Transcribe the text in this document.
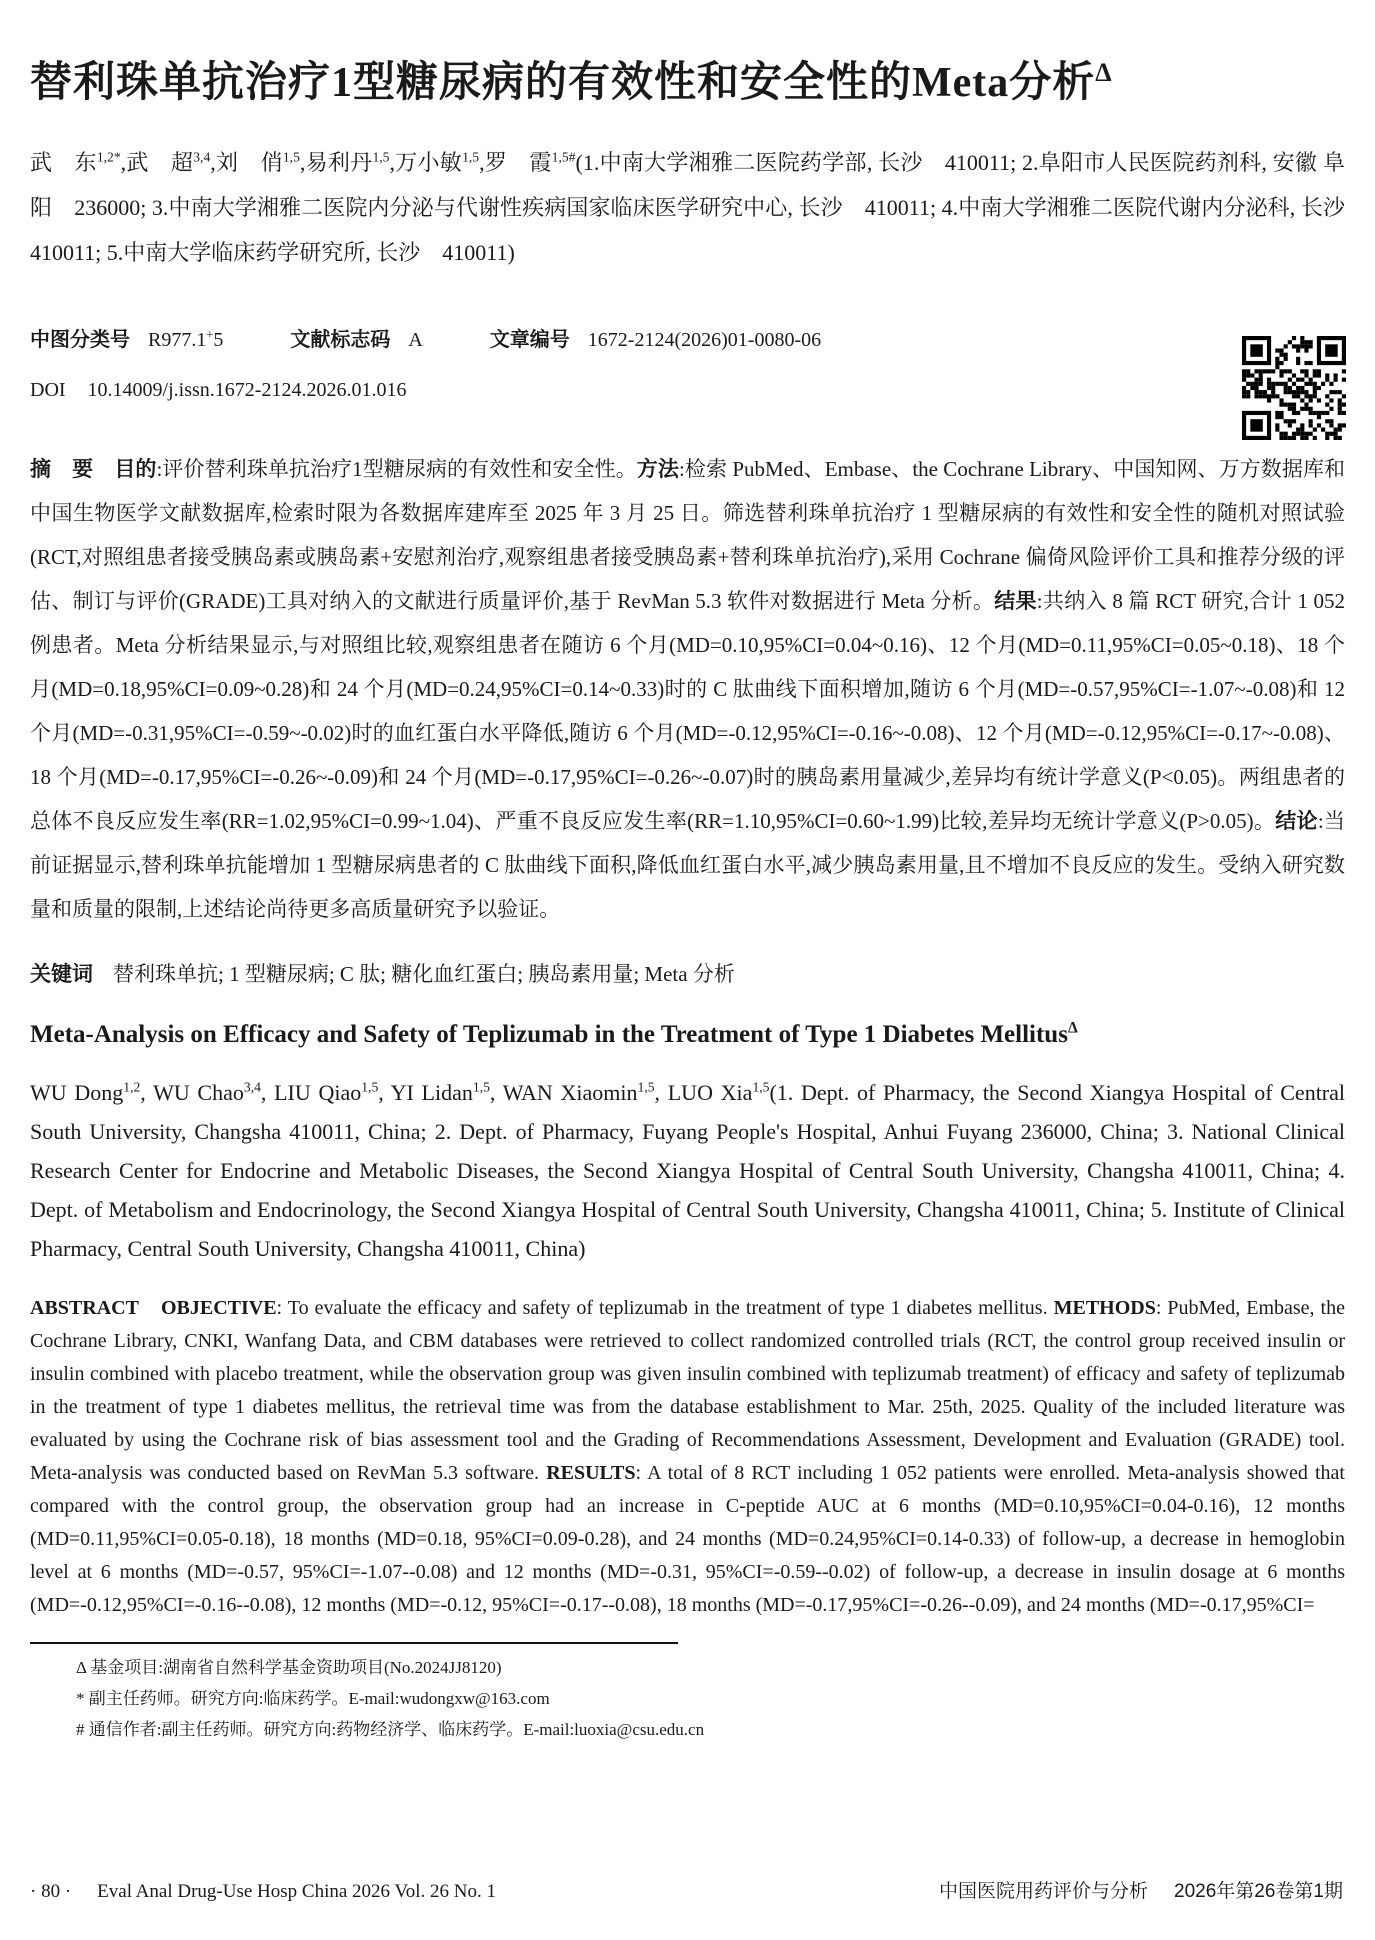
替利珠单抗治疗1型糖尿病的有效性和安全性的Meta分析$^\Delta$

武　东$^{1,2*}$,武　超$^{3,4}$,刘　俏$^{1,5}$,易利丹$^{1,5}$,万小敏$^{1,5}$,罗　霞$^{1,5\#}$(1.中南大学湘雅二医院药学部, 长沙　410011; 2.阜阳市人民医院药剂科, 安徽 阜阳　236000; 3.中南大学湘雅二医院内分泌与代谢性疾病国家临床医学研究中心, 长沙　410011; 4.中南大学湘雅二医院代谢内分泌科, 长沙　410011; 5.中南大学临床药学研究所, 长沙　410011)

中图分类号 R977.1+5	文献标志码 A	文章编号 1672-2124(2026)01-0080-06
DOI 10.14009/j.issn.1672-2124.2026.01.016

摘　要　 目的:评价替利珠单抗治疗1型糖尿病的有效性和安全性。方法:检索 PubMed、Embase、the Cochrane Library、中国知网、万方数据库和中国生物医学文献数据库,检索时限为各数据库建库至 2025 年 3 月 25 日。筛选替利珠单抗治疗 1 型糖尿病的有效性和安全性的随机对照试验(RCT,对照组患者接受胰岛素或胰岛素+安慰剂治疗,观察组患者接受胰岛素+替利珠单抗治疗),采用 Cochrane 偏倚风险评价工具和推荐分级的评估、制订与评价(GRADE)工具对纳入的文献进行质量评价,基于 RevMan 5.3 软件对数据进行 Meta 分析。结果:共纳入 8 篇 RCT 研究,合计 1 052 例患者。Meta 分析结果显示,与对照组比较,观察组患者在随访 6 个月(MD=0.10,95%CI=0.04~0.16)、12 个月(MD=0.11,95%CI=0.05~0.18)、18 个月(MD=0.18,95%CI=0.09~0.28)和 24 个月(MD=0.24,95%CI=0.14~0.33)时的 C 肽曲线下面积增加,随访 6 个月(MD=-0.57,95%CI=-1.07~-0.08)和 12 个月(MD=-0.31,95%CI=-0.59~-0.02)时的血红蛋白水平降低,随访 6 个月(MD=-0.12,95%CI=-0.16~-0.08)、12 个月(MD=-0.12,95%CI=-0.17~-0.08)、18 个月(MD=-0.17,95%CI=-0.26~-0.09)和 24 个月(MD=-0.17,95%CI=-0.26~-0.07)时的胰岛素用量减少,差异均有统计学意义(P<0.05)。两组患者的总体不良反应发生率(RR=1.02,95%CI=0.99~1.04)、严重不良反应发生率(RR=1.10,95%CI=0.60~1.99)比较,差异均无统计学意义(P>0.05)。结论:当前证据显示,替利珠单抗能增加 1 型糖尿病患者的 C 肽曲线下面积,降低血红蛋白水平,减少胰岛素用量,且不增加不良反应的发生。受纳入研究数量和质量的限制,上述结论尚待更多高质量研究予以验证。

关键词 替利珠单抗; 1 型糖尿病; C 肽; 糖化血红蛋白; 胰岛素用量; Meta 分析

Meta-Analysis on Efficacy and Safety of Teplizumab in the Treatment of Type 1 Diabetes Mellitus$^\Delta$

WU Dong$^{1,2}$, WU Chao$^{3,4}$, LIU Qiao$^{1,5}$, YI Lidan$^{1,5}$, WAN Xiaomin$^{1,5}$, LUO Xia$^{1,5}$(1. Dept. of Pharmacy, the Second Xiangya Hospital of Central South University, Changsha 410011, China; 2. Dept. of Pharmacy, Fuyang People's Hospital, Anhui Fuyang 236000, China; 3. National Clinical Research Center for Endocrine and Metabolic Diseases, the Second Xiangya Hospital of Central South University, Changsha 410011, China; 4. Dept. of Metabolism and Endocrinology, the Second Xiangya Hospital of Central South University, Changsha 410011, China; 5. Institute of Clinical Pharmacy, Central South University, Changsha 410011, China)

ABSTRACT　 OBJECTIVE: To evaluate the efficacy and safety of teplizumab in the treatment of type 1 diabetes mellitus. METHODS: PubMed, Embase, the Cochrane Library, CNKI, Wanfang Data, and CBM databases were retrieved to collect randomized controlled trials (RCT, the control group received insulin or insulin combined with placebo treatment, while the observation group was given insulin combined with teplizumab treatment) of efficacy and safety of teplizumab in the treatment of type 1 diabetes mellitus, the retrieval time was from the database establishment to Mar. 25th, 2025. Quality of the included literature was evaluated by using the Cochrane risk of bias assessment tool and the Grading of Recommendations Assessment, Development and Evaluation (GRADE) tool. Meta-analysis was conducted based on RevMan 5.3 software. RESULTS: A total of 8 RCT including 1 052 patients were enrolled. Meta-analysis showed that compared with the control group, the observation group had an increase in C-peptide AUC at 6 months (MD=0.10,95%CI=0.04-0.16), 12 months (MD=0.11,95%CI=0.05-0.18), 18 months (MD=0.18, 95%CI=0.09-0.28), and 24 months (MD=0.24,95%CI=0.14-0.33) of follow-up, a decrease in hemoglobin level at 6 months (MD=-0.57, 95%CI=-1.07--0.08) and 12 months (MD=-0.31, 95%CI=-0.59--0.02) of follow-up, a decrease in insulin dosage at 6 months (MD=-0.12,95%CI=-0.16--0.08), 12 months (MD=-0.12, 95%CI=-0.17--0.08), 18 months (MD=-0.17,95%CI=-0.26--0.09), and 24 months (MD=-0.17,95%CI=

Δ 基金项目:湖南省自然科学基金资助项目(No.2024JJ8120)
* 副主任药师。研究方向:临床药学。E-mail:wudongxw@163.com
# 通信作者:副主任药师。研究方向:药物经济学、临床药学。E-mail:luoxia@csu.edu.cn
· 80 · Eval Anal Drug-Use Hosp China 2026 Vol. 26 No. 1	中国医院用药评价与分析 2026年第26卷第1期
